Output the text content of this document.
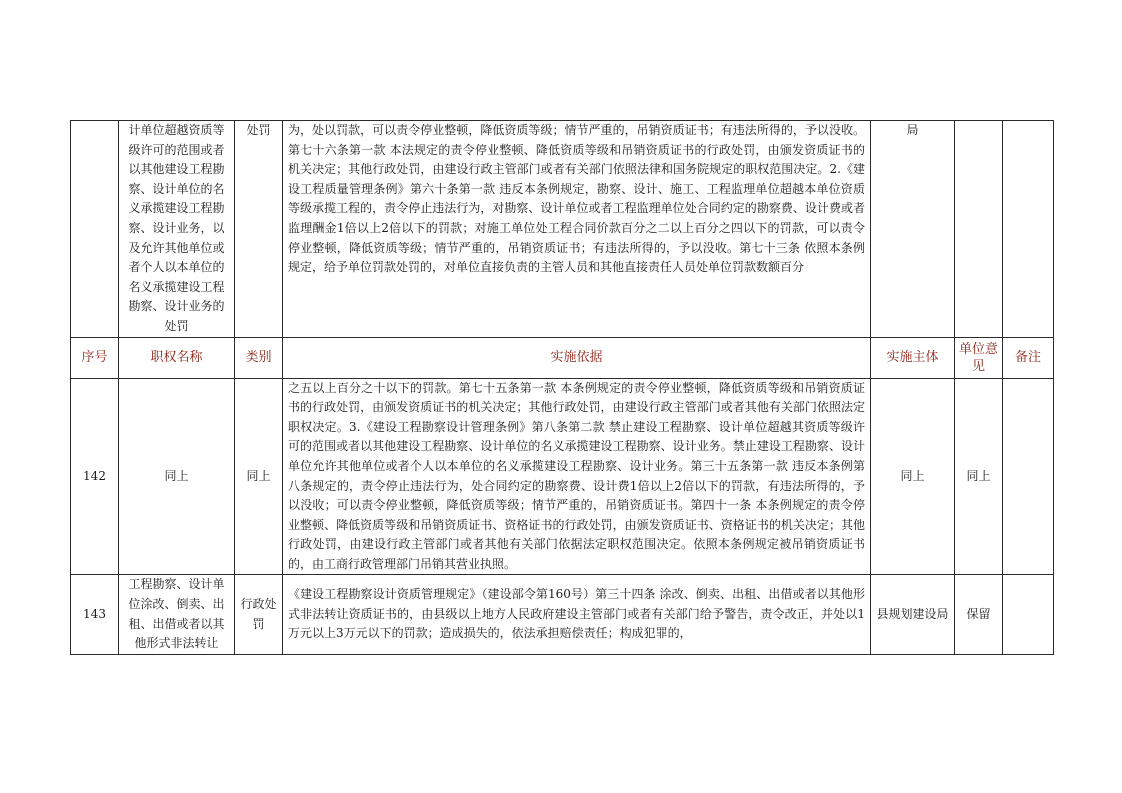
	计单位超越资质等级许可的范围或者以其他建设工程勘察、设计单位的名义承揽建设工程勘察、设计业务，以及允许其他单位或者个人以本单位的名义承揽建设工程勘察、设计业务的处罚	处罚	为，处以罚款，可以责令停业整顿，降低资质等级；情节严重的，吊销资质证书；有违法所得的，予以没收。第七十六条第一款 本法规定的责令停业整顿、降低资质等级和吊销资质证书的行政处罚，由颁发资质证书的机关决定；其他行政处罚，由建设行政主管部门或者有关部门依照法律和国务院规定的职权范围决定。2.《建设工程质量管理条例》第六十条第一款 违反本条例规定，勘察、设计、施工、工程监理单位超越本单位资质等级承揽工程的，责令停止违法行为，对勘察、设计单位或者工程监理单位处合同约定的勘察费、设计费或者监理酬金1倍以上2倍以下的罚款；对施工单位处工程合同价款百分之二以上百分之四以下的罚款，可以责令停业整顿，降低资质等级；情节严重的，吊销资质证书；有违法所得的，予以没收。第七十三条 依照本条例规定，给予单位罚款处罚的，对单位直接负责的主管人员和其他直接责任人员处单位罚款数额百分	局		
序号	职权名称	类别	实施依据	实施主体	单位意见	备注
142	同上	同上	之五以上百分之十以下的罚款。第七十五条第一款 本条例规定的责令停业整顿，降低资质等级和吊销资质证书的行政处罚，由颁发资质证书的机关决定；其他行政处罚，由建设行政主管部门或者其他有关部门依照法定职权决定。3.《建设工程勘察设计管理条例》第八条第二款 禁止建设工程勘察、设计单位超越其资质等级许可的范围或者以其他建设工程勘察、设计单位的名义承揽建设工程勘察、设计业务。禁止建设工程勘察、设计单位允许其他单位或者个人以本单位的名义承揽建设工程勘察、设计业务。第三十五条第一款 违反本条例第八条规定的，责令停止违法行为，处合同约定的勘察费、设计费1倍以上2倍以下的罚款，有违法所得的，予以没收；可以责令停业整顿，降低资质等级；情节严重的，吊销资质证书。第四十一条 本条例规定的责令停业整顿、降低资质等级和吊销资质证书、资格证书的行政处罚，由颁发资质证书、资格证书的机关决定；其他行政处罚，由建设行政主管部门或者其他有关部门依据法定职权范围决定。依照本条例规定被吊销资质证书的，由工商行政管理部门吊销其营业执照。	同上	同上	
143	工程勘察、设计单位涂改、倒卖、出租、出借或者以其他形式非法转让	行政处罚	《建设工程勘察设计资质管理规定》（建设部令第160号）第三十四条 涂改、倒卖、出租、出借或者以其他形式非法转让资质证书的，由县级以上地方人民政府建设主管部门或者有关部门给予警告，责令改正，并处以1万元以上3万元以下的罚款；造成损失的，依法承担赔偿责任；构成犯罪的，	县规划建设局	保留	
